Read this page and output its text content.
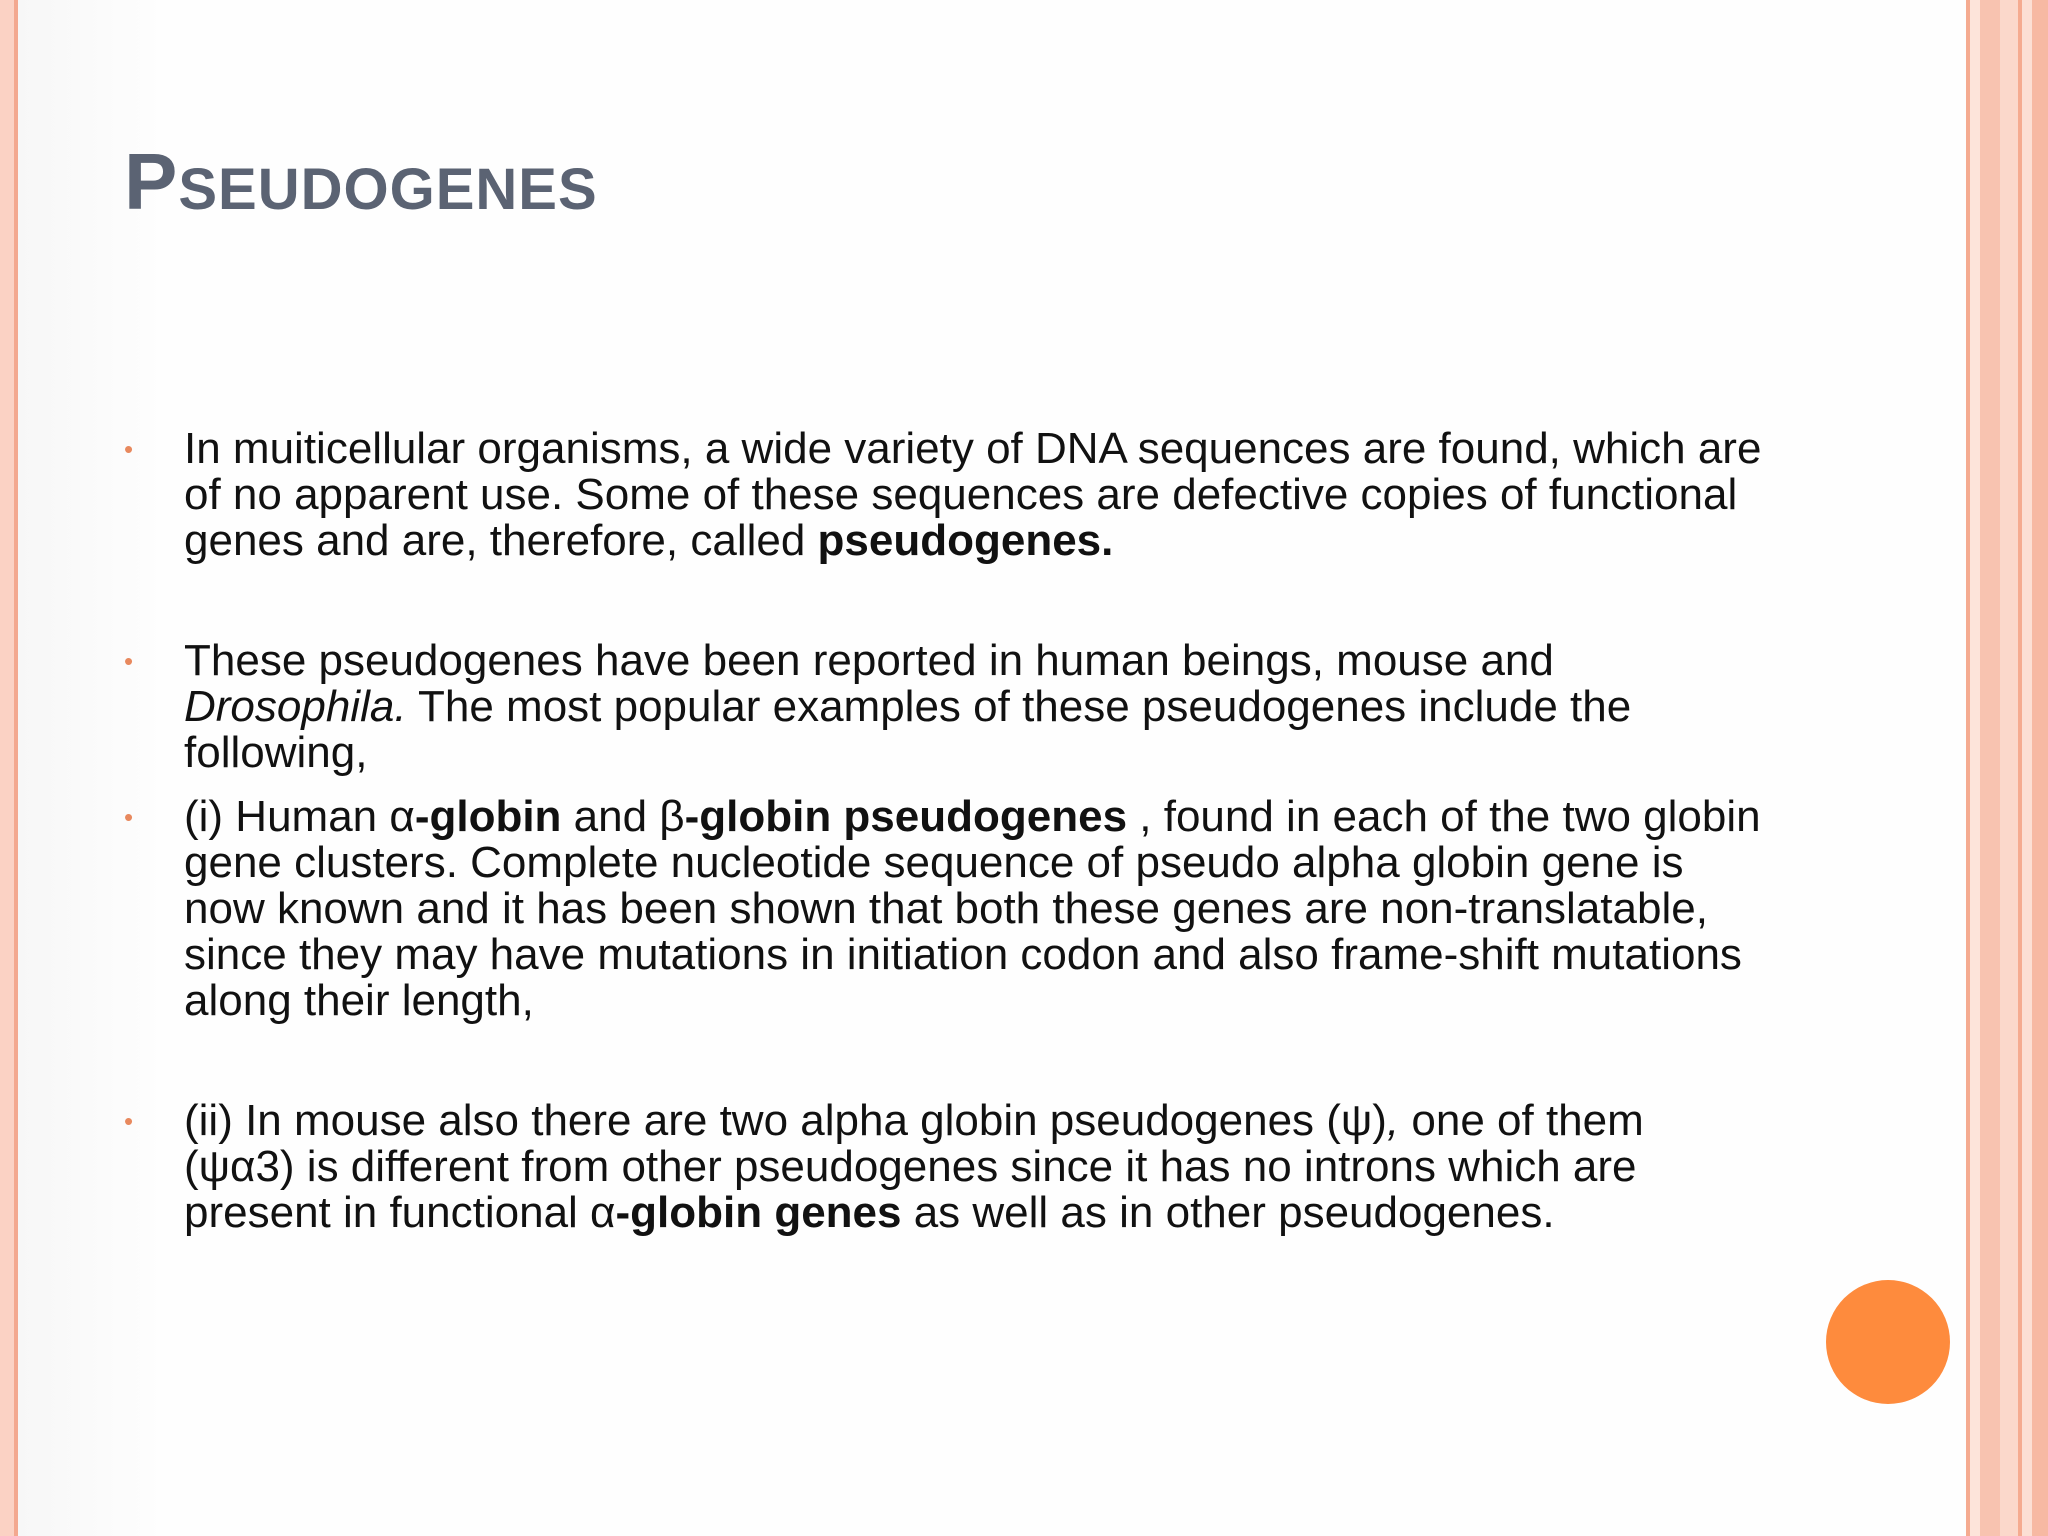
PSEUDOGENES
• In muiticellular organisms, a wide variety of DNA sequences are found, which are of no apparent use. Some of these sequences are defective copies of functional genes and are, therefore, called pseudogenes.
• These pseudogenes have been reported in human beings, mouse and Drosophila. The most popular examples of these pseudogenes include the following,
• (i) Human α-globin and β-globin pseudogenes , found in each of the two globin gene clusters. Complete nucleotide sequence of pseudo alpha globin gene is now known and it has been shown that both these genes are non-translatable, since they may have mutations in initiation codon and also frame-shift mutations along their length,
• (ii) In mouse also there are two alpha globin pseudogenes (ψ), one of them (ψα3) is different from other pseudogenes since it has no introns which are present in functional α-globin genes as well as in other pseudogenes.
